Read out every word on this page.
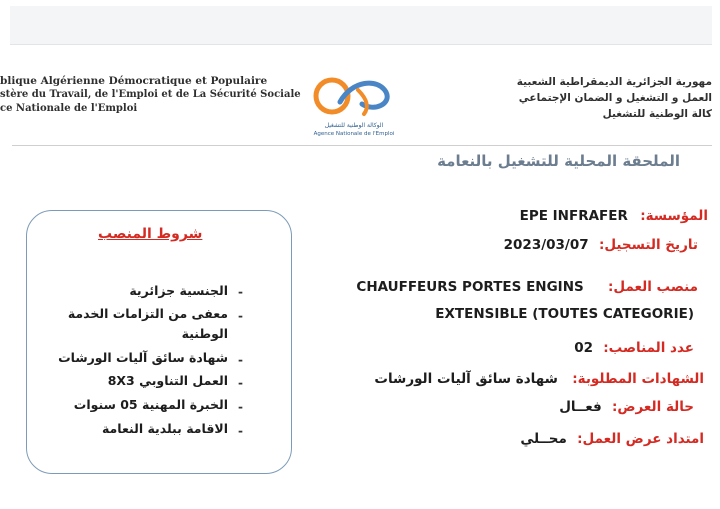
blique Algérienne Démocratique et Populaire
stère du Travail, de l'Emploi et de La Sécurité Sociale
ce Nationale de l'Emploi
مهورية الجزائرية الديمقراطية الشعبية
العمل و التشغيل و الضمان الإجتماعي
كالة الوطنية للتشغيل
الوكالة الوطنية للتشغيل
Agence Nationale de l'Emploi
الملحقة المحلية للتشغيل بالنعامة
المؤسسة: EPE INFRAFER
تاريخ التسجيل: 2023/03/07
منصب العمل: CHAUFFEURS PORTES ENGINS
EXTENSIBLE (TOUTES CATEGORIE)
عدد المناصب: 02
الشهادات المطلوبة: شهادة سائق آليات الورشات
حالة العرض: فعــال
امتداد عرض العمل: محــلي
شروط المنصب
-
الجنسية جزائرية
-
معفى من التزامات الخدمة
الوطنية
-
شهادة سائق آليات الورشات
-
العمل التناوبي 8X3
-
الخبرة المهنية 05 سنوات
-
الاقامة ببلدية النعامة
